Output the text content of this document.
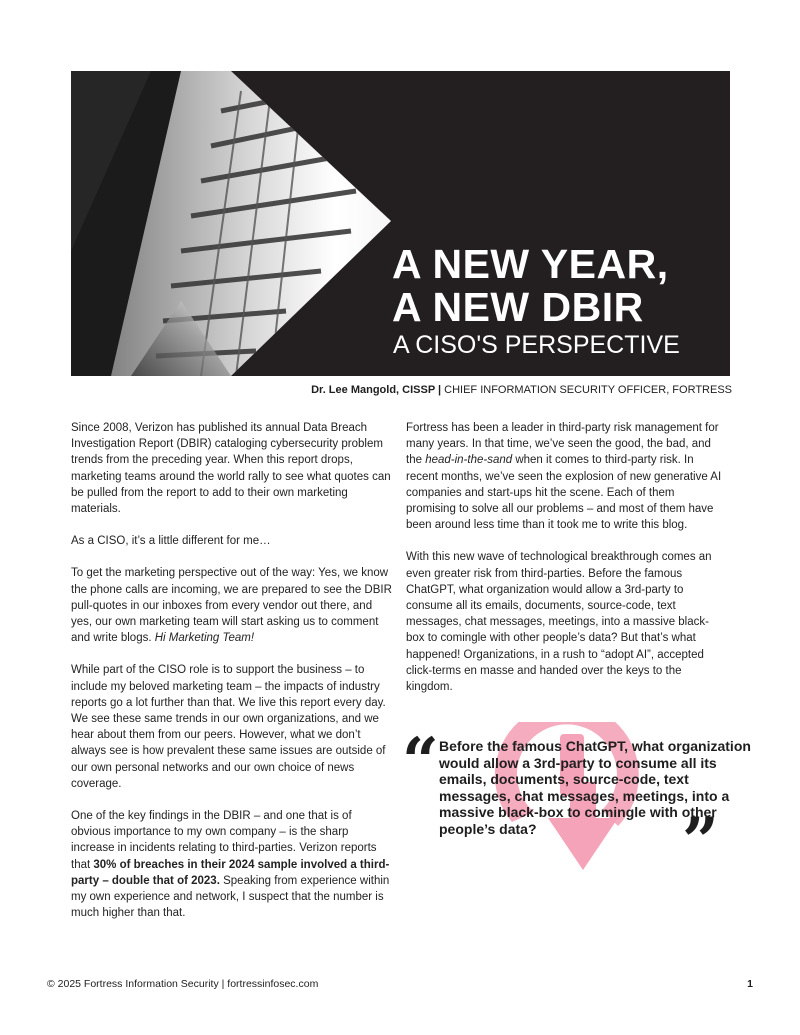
A NEW YEAR,
A NEW DBIR
A CISO'S PERSPECTIVE
Dr. Lee Mangold, CISSP | CHIEF INFORMATION SECURITY OFFICER, FORTRESS

Since 2008, Verizon has published its annual Data Breach Investigation Report (DBIR) cataloging cybersecurity problem trends from the preceding year. When this report drops, marketing teams around the world rally to see what quotes can be pulled from the report to add to their own marketing materials.

As a CISO, it’s a little different for me…

To get the marketing perspective out of the way: Yes, we know the phone calls are incoming, we are prepared to see the DBIR pull-quotes in our inboxes from every vendor out there, and yes, our own marketing team will start asking us to comment and write blogs. Hi Marketing Team!

While part of the CISO role is to support the business – to include my beloved marketing team – the impacts of industry reports go a lot further than that. We live this report every day. We see these same trends in our own organizations, and we hear about them from our peers. However, what we don’t always see is how prevalent these same issues are outside of our own personal networks and our own choice of news coverage.

One of the key findings in the DBIR – and one that is of obvious importance to my own company – is the sharp increase in incidents relating to third-parties. Verizon reports that 30% of breaches in their 2024 sample involved a third-party – double that of 2023. Speaking from experience within my own experience and network, I suspect that the number is much higher than that.

Fortress has been a leader in third-party risk management for many years. In that time, we’ve seen the good, the bad, and the head-in-the-sand when it comes to third-party risk. In recent months, we’ve seen the explosion of new generative AI companies and start-ups hit the scene. Each of them promising to solve all our problems – and most of them have been around less time than it took me to write this blog.

With this new wave of technological breakthrough comes an even greater risk from third-parties. Before the famous ChatGPT, what organization would allow a 3rd-party to consume all its emails, documents, source-code, text messages, chat messages, meetings, into a massive black-box to comingle with other people’s data? But that’s what happened! Organizations, in a rush to “adopt AI”, accepted click-terms en masse and handed over the keys to the kingdom.

“ Before the famous ChatGPT, what organization would allow a 3rd-party to consume all its emails, documents, source-code, text messages, chat messages, meetings, into a massive black-box to comingle with other people’s data?	”
© 2025 Fortress Information Security | fortressinfosec.com	1
